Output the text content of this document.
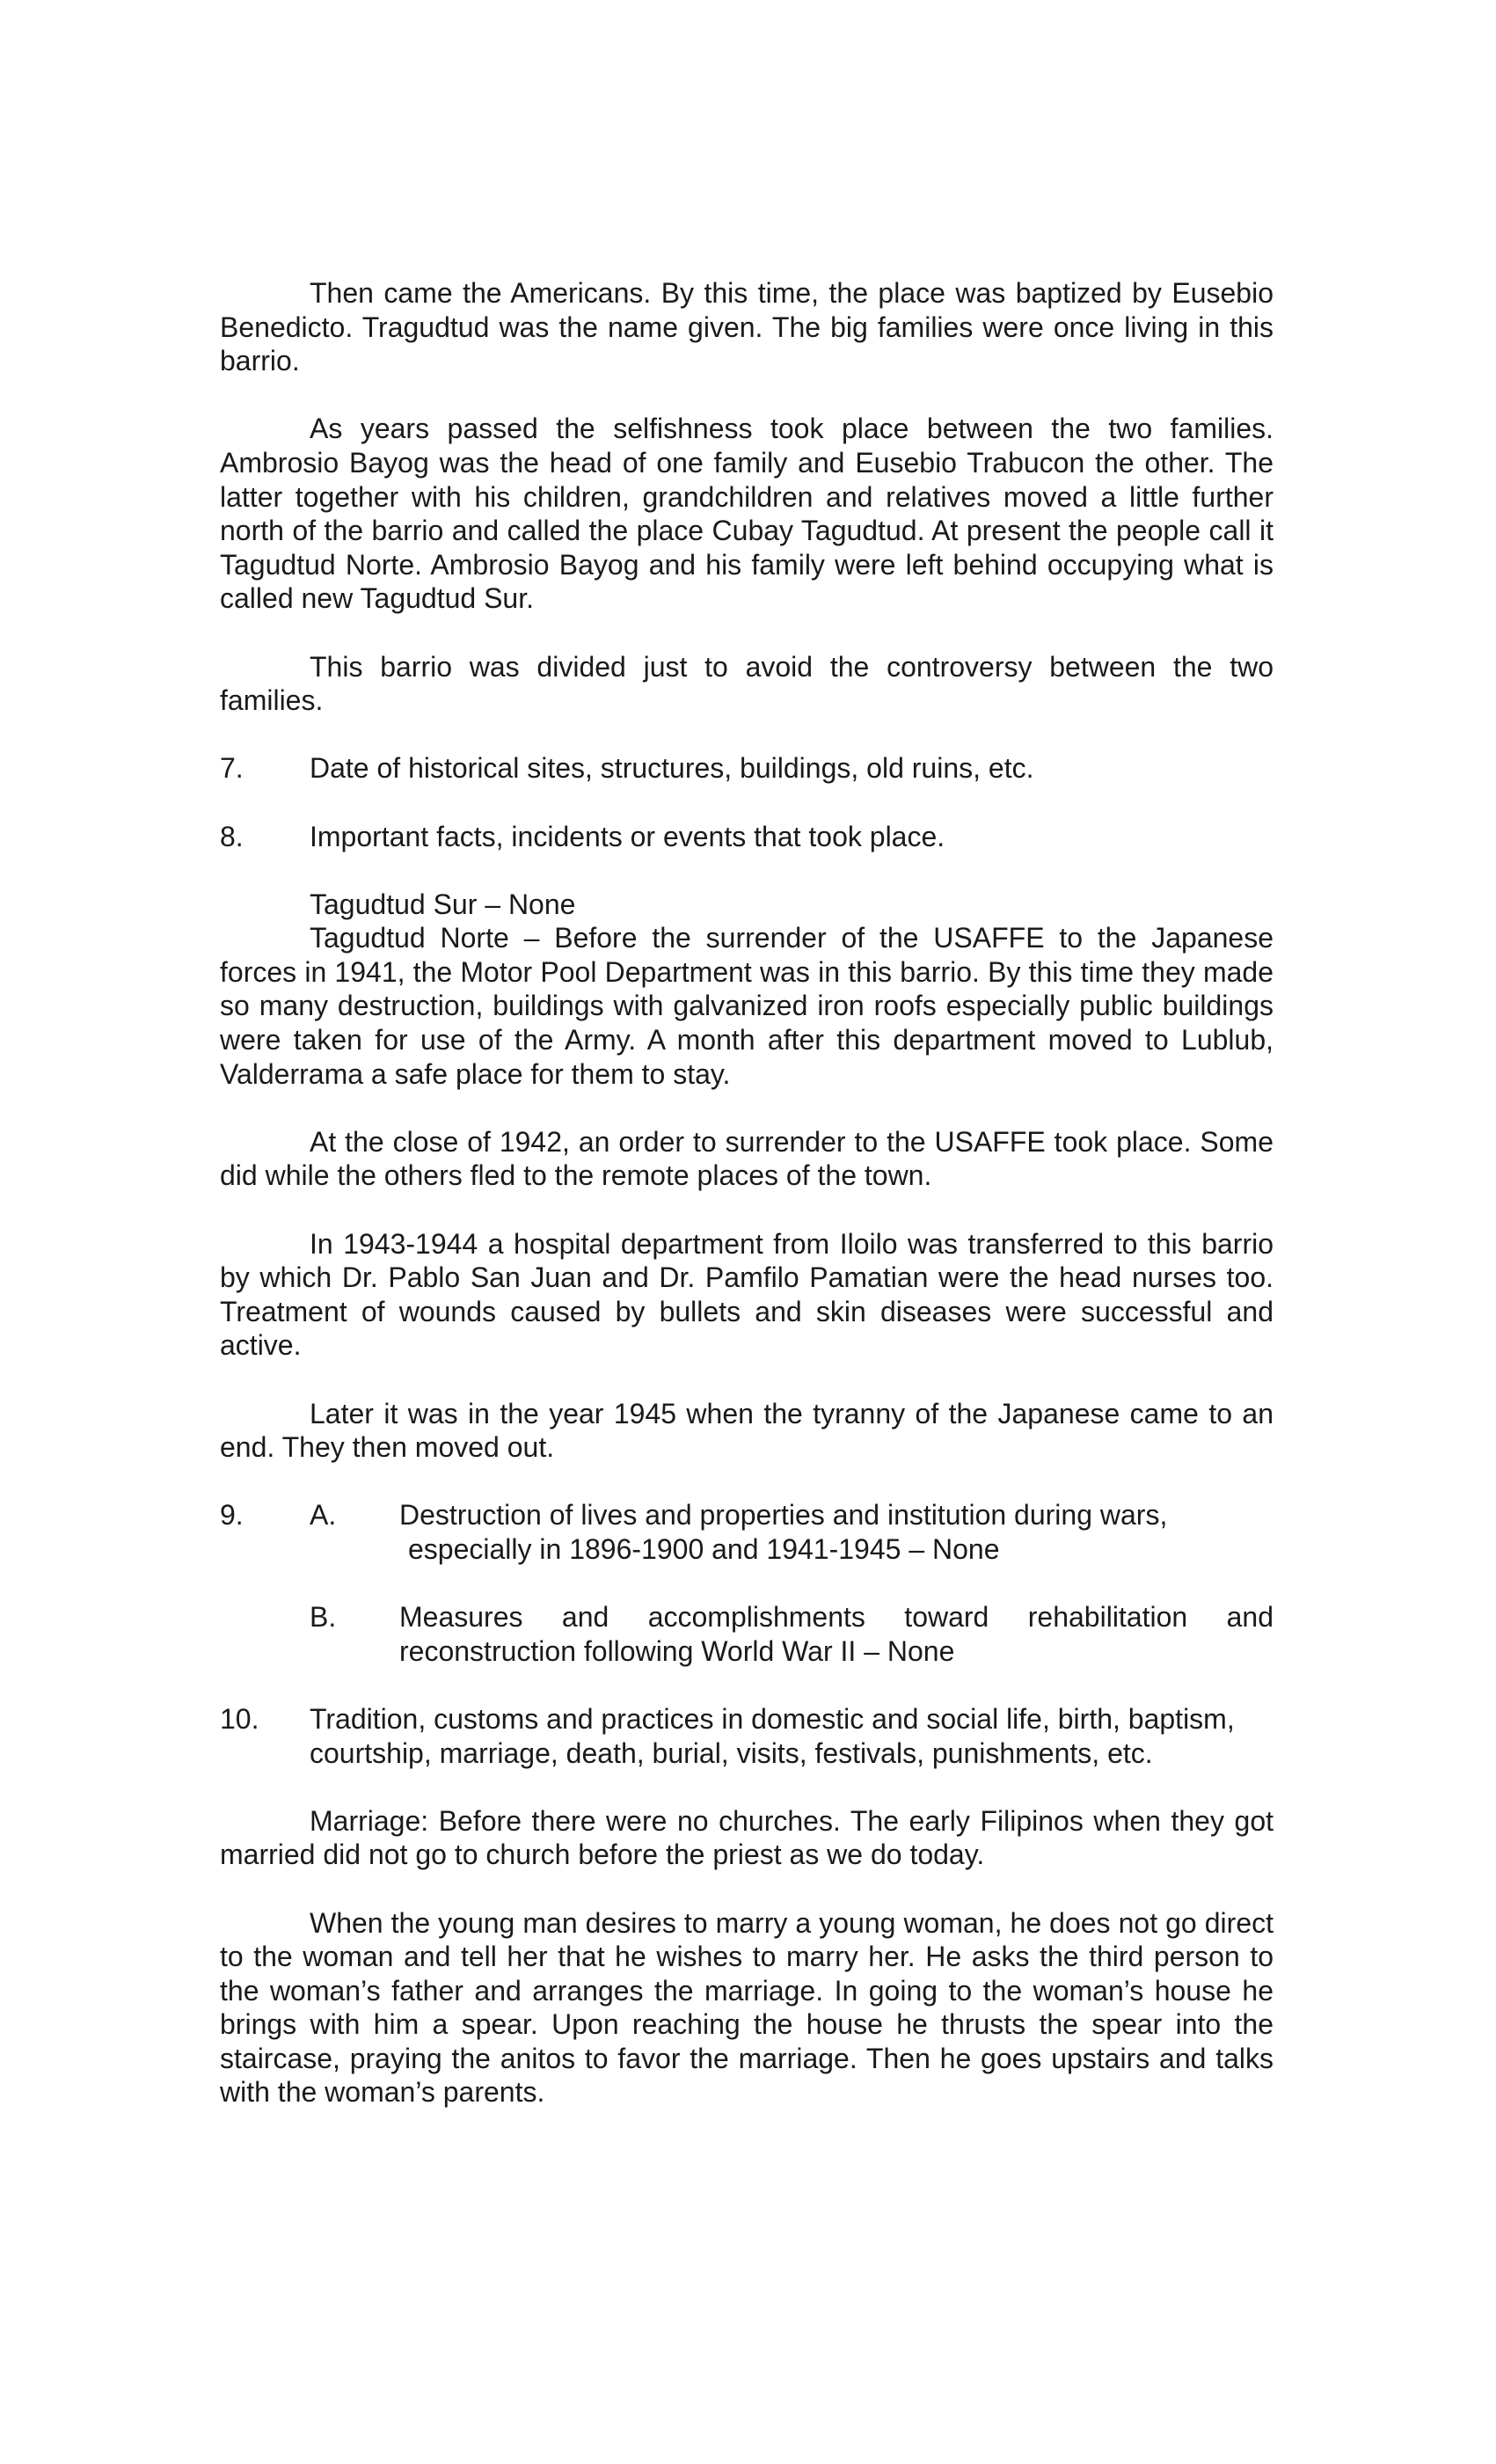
Then came the Americans. By this time, the place was baptized by Eusebio Benedicto. Tragudtud was the name given. The big families were once living in this barrio.

As years passed the selfishness took place between the two families. Ambrosio Bayog was the head of one family and Eusebio Trabucon the other. The latter together with his children, grandchildren and relatives moved a little further north of the barrio and called the place Cubay Tagudtud. At present the people call it Tagudtud Norte. Ambrosio Bayog and his family were left behind occupying what is called new Tagudtud Sur.

This barrio was divided just to avoid the controversy between the two families.

7.	Date of historical sites, structures, buildings, old ruins, etc.
8.	Important facts, incidents or events that took place.

Tagudtud Sur – None

Tagudtud Norte – Before the surrender of the USAFFE to the Japanese forces in 1941, the Motor Pool Department was in this barrio. By this time they made so many destruction, buildings with galvanized iron roofs especially public buildings were taken for use of the Army. A month after this department moved to Lublub, Valderrama a safe place for them to stay.

At the close of 1942, an order to surrender to the USAFFE took place. Some did while the others fled to the remote places of the town.

In 1943-1944 a hospital department from Iloilo was transferred to this barrio by which Dr. Pablo San Juan and Dr. Pamfilo Pamatian were the head nurses too. Treatment of wounds caused by bullets and skin diseases were successful and active.

Later it was in the year 1945 when the tyranny of the Japanese came to an end. They then moved out.

9.	A.	Destruction of lives and properties and institution during wars,
especially in 1896-1900 and 1941-1945 – None
B.	Measures and accomplishments toward rehabilitation and reconstruction following World War II – None
10.	Tradition, customs and practices in domestic and social life, birth, baptism, courtship, marriage, death, burial, visits, festivals, punishments, etc.

Marriage: Before there were no churches. The early Filipinos when they got married did not go to church before the priest as we do today.

When the young man desires to marry a young woman, he does not go direct to the woman and tell her that he wishes to marry her. He asks the third person to the woman’s father and arranges the marriage. In going to the woman’s house he brings with him a spear. Upon reaching the house he thrusts the spear into the staircase, praying the anitos to favor the marriage. Then he goes upstairs and talks with the woman’s parents.
